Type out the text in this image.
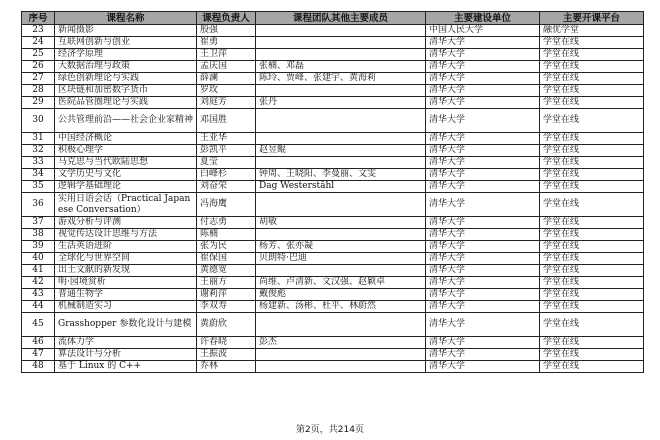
序号	课程名称	课程负责人	课程团队其他主要成员	主要建设单位	主要开课平台
23	新闻摄影	殷强		中国人民大学	融优学堂
24	互联网创新与创业	崔勇		清华大学	学堂在线
25	经济学原理	王卫萍		清华大学	学堂在线
26	大数据治理与政策	孟庆国	张楠、邓磊	清华大学	学堂在线
27	绿色创新理论与实践	薛澜	陈玲、贾峰、张建宇、黄海莉	清华大学	学堂在线
28	区块链和加密数字货币	罗玫		清华大学	学堂在线
29	医院品管圈理论与实践	刘庭芳	张丹	清华大学	学堂在线
30	公共管理前沿——社会企业家精神	邓国胜		清华大学	学堂在线
31	中国经济概论	王亚华		清华大学	学堂在线
32	积极心理学	彭凯平	赵昱鲲	清华大学	学堂在线
33	马克思与当代欧陆思想	夏莹		清华大学	学堂在线
34	文学历史与文化	白峰杉	钟周、王晓阳、李曼丽、文雯	清华大学	学堂在线
35	逻辑学基础理论	刘奋荣	Dag Westerståhl	清华大学	学堂在线
36	实用日语会话（Practical Japanese Conversation）	冯海鹰		清华大学	学堂在线
37	游戏分析与评测	付志勇	胡敏	清华大学	学堂在线
38	视觉传达设计思维与方法	陈楠		清华大学	学堂在线
39	生活英语进阶	张为民	杨芳、张亦凝	清华大学	学堂在线
40	全球化与世界空间	崔保国	贝朗特·巴迪	清华大学	学堂在线
41	出土文献的新发现	黄德宽		清华大学	学堂在线
42	明·园境赏析	王丽方	尚维、卢清新、文汉强、赵颖卓	清华大学	学堂在线
43	普通生物学	谢莉萍	戴俊彪	清华大学	学堂在线
44	机械制造实习	李双寿	杨建新、汤彬、杜平、林蔚然	清华大学	学堂在线
45	Grasshopper 参数化设计与建模	黄蔚欣		清华大学	学堂在线
46	流体力学	许春晓	彭杰	清华大学	学堂在线
47	算法设计与分析	王振波		清华大学	学堂在线
48	基于 Linux 的 C++	乔林		清华大学	学堂在线
第2页，共214页
